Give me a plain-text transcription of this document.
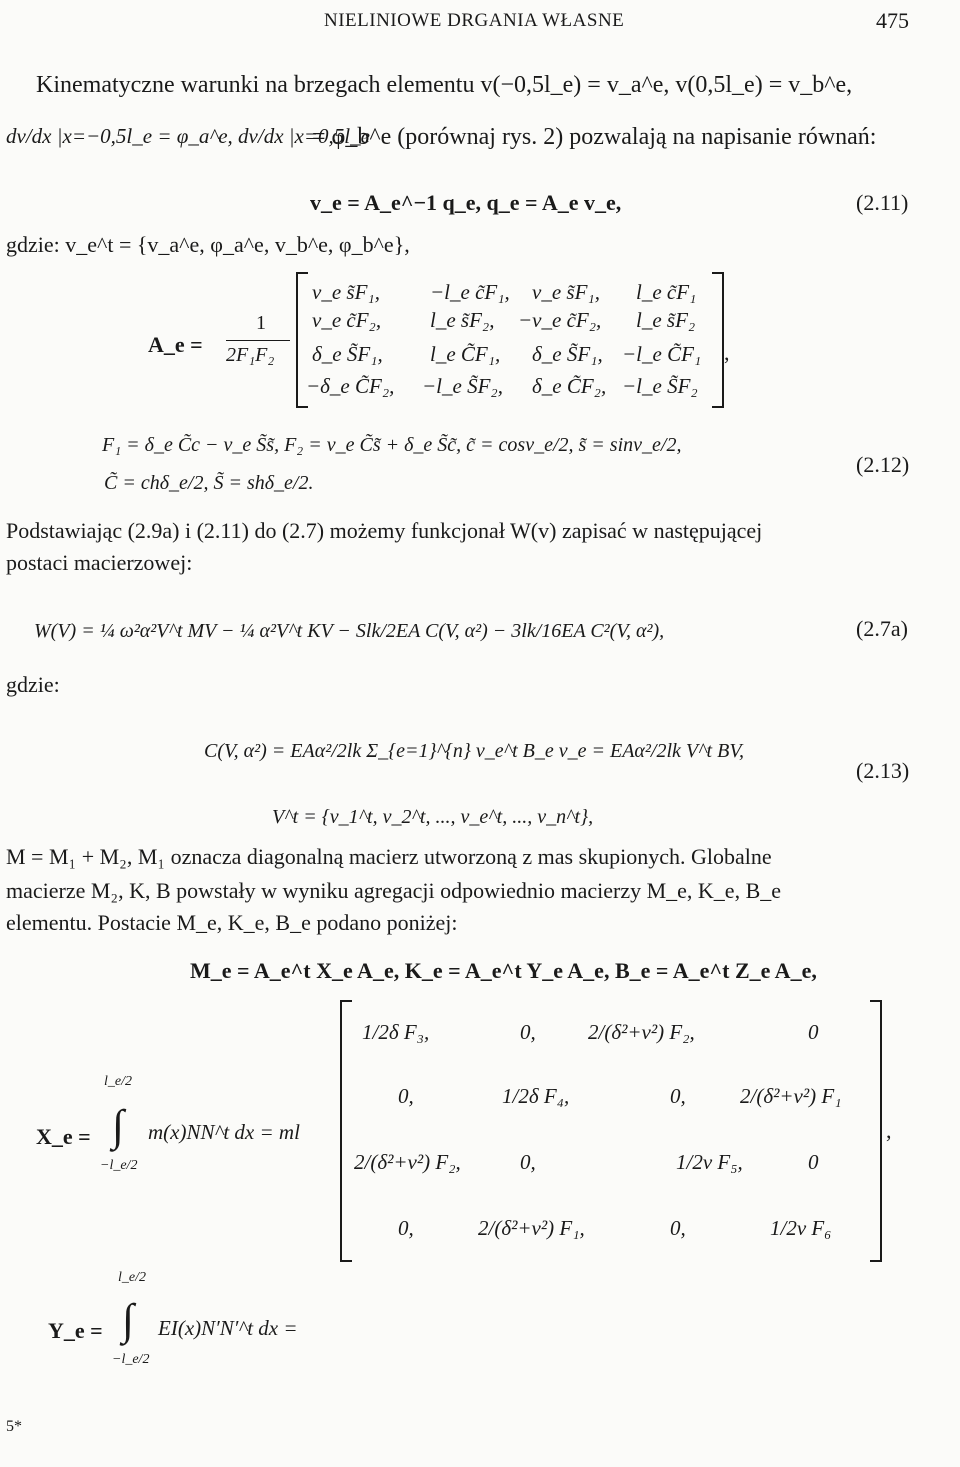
NIELINIOWE DRGANIA WŁASNE	475
Kinematyczne warunki na brzegach elementu v(−0,5l_e) = v_a^e, v(0,5l_e) = v_b^e,
dv/dx |x=−0,5l_e = φ_a^e, dv/dx |x=0,5l_e
= φ_b^e (porównaj rys. 2) pozwalają na napisanie równań:
v_e = A_e^−1 q_e, q_e = A_e v_e,	(2.11)
gdzie: v_e^t = {v_a^e, φ_a^e, v_b^e, φ_b^e},
A_e =
1
2F₁F₂
ν_e s̃F₁, −l_e c̃F₁, ν_e s̃F₁, l_e c̃F₁
ν_e c̃F₂, l_e s̃F₂, −ν_e c̃F₂, l_e s̃F₂
δ_e S̃F₁, l_e C̃F₁, δ_e S̃F₁, −l_e C̃F₁
−δ_e C̃F₂, −l_e S̃F₂, δ_e C̃F₂, −l_e S̃F₂
,
F₁ = δ_e C̃c − ν_e S̃s̃, F₂ = ν_e C̃s̃ + δ_e S̃c̃, c̃ = cosν_e/2, s̃ = sinν_e/2,
C̃ = chδ_e/2, S̃ = shδ_e/2.
(2.12)
Podstawiając (2.9a) i (2.11) do (2.7) możemy funkcjonał W(v) zapisać w następującej
postaci macierzowej:
W(V) = ¼ ω²α²V^t MV − ¼ α²V^t KV − Slk/2EA C(V, α²) − 3lk/16EA C²(V, α²),	(2.7a)
gdzie:
C(V, α²) = EAα²/2lk Σ_{e=1}^{n} v_e^t B_e v_e = EAα²/2lk V^t BV,
V^t = {v_1^t, v_2^t, ..., v_e^t, ..., v_n^t},
(2.13)
M = M₁ + M₂, M₁ oznacza diagonalną macierz utworzoną z mas skupionych. Globalne
macierze M₂, K, B powstały w wyniku agregacji odpowiednio macierzy M_e, K_e, B_e
elementu. Postacie M_e, K_e, B_e podano poniżej:
M_e = A_e^t X_e A_e, K_e = A_e^t Y_e A_e, B_e = A_e^t Z_e A_e,
X_e =
l_e/2
∫
−l_e/2
m(x)NN^t dx = ml
1/2δ F₃,	0, 2/(δ²+ν²) F₂,	0
0,	1/2δ F₄,	0,	2/(δ²+ν²) F₁
2/(δ²+ν²) F₂,	0,	1/2ν F₅,	0
0,	2/(δ²+ν²) F₁,	0,	1/2ν F₆
,
Y_e =
l_e/2
∫
−l_e/2
EI(x)N′N′^t dx =
5*
